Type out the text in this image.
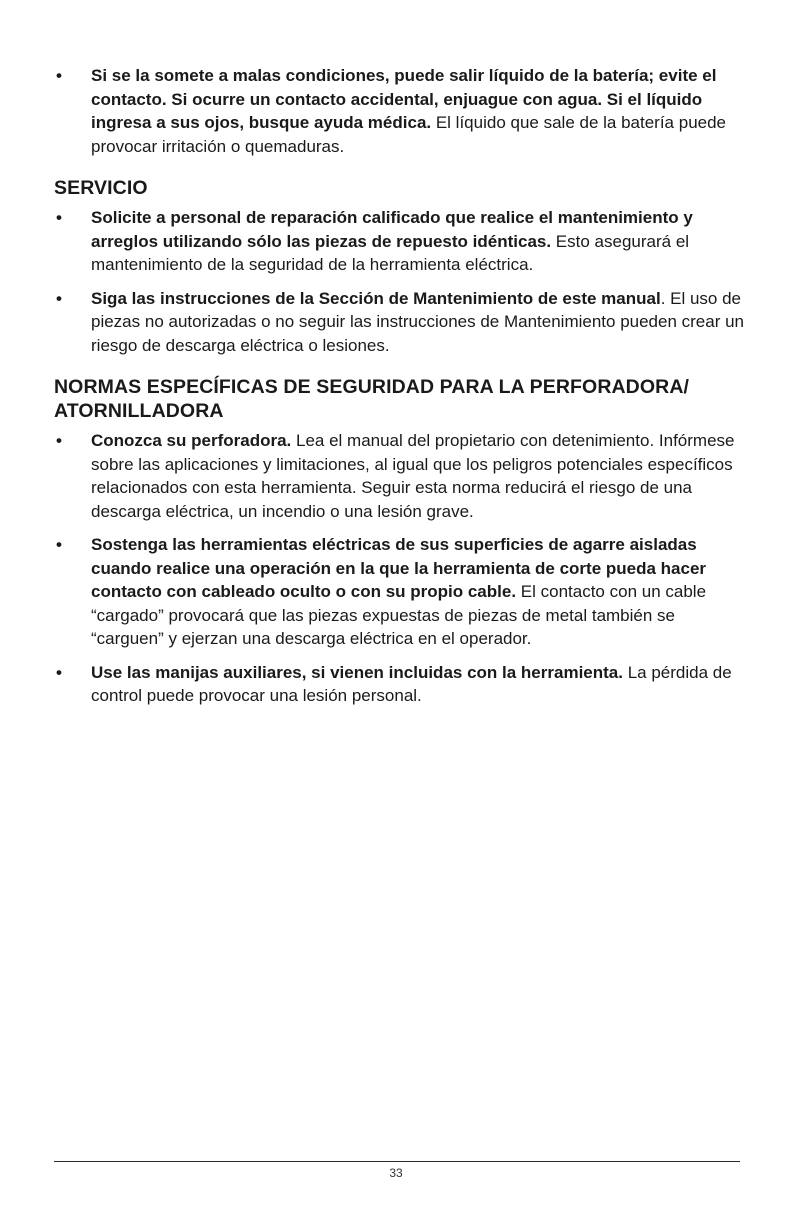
• Si se la somete a malas condiciones, puede salir líquido de la batería; evite el contacto. Si ocurre un contacto accidental, enjuague con agua. Si el líquido ingresa a sus ojos, busque ayuda médica. El líquido que sale de la batería puede provocar irritación o quemaduras.
SERVICIO
• Solicite a personal de reparación calificado que realice el mantenimiento y arreglos utilizando sólo las piezas de repuesto idénticas. Esto asegurará el mantenimiento de la seguridad de la herramienta eléctrica.
• Siga las instrucciones de la Sección de Mantenimiento de este manual. El uso de piezas no autorizadas o no seguir las instrucciones de Mantenimiento pueden crear un riesgo de descarga eléctrica o lesiones.
NORMAS ESPECÍFICAS DE SEGURIDAD PARA LA PERFORADORA/ ATORNILLADORA
• Conozca su perforadora. Lea el manual del propietario con detenimiento. Infórmese sobre las aplicaciones y limitaciones, al igual que los peligros potenciales específicos relacionados con esta herramienta. Seguir esta norma reducirá el riesgo de una descarga eléctrica, un incendio o una lesión grave.
• Sostenga las herramientas eléctricas de sus superficies de agarre aisladas cuando realice una operación en la que la herramienta de corte pueda hacer contacto con cableado oculto o con su propio cable. El contacto con un cable “cargado” provocará que las piezas expuestas de piezas de metal también se “carguen” y ejerzan una descarga eléctrica en el operador.
• Use las manijas auxiliares, si vienen incluidas con la herramienta. La pérdida de control puede provocar una lesión personal.
33
